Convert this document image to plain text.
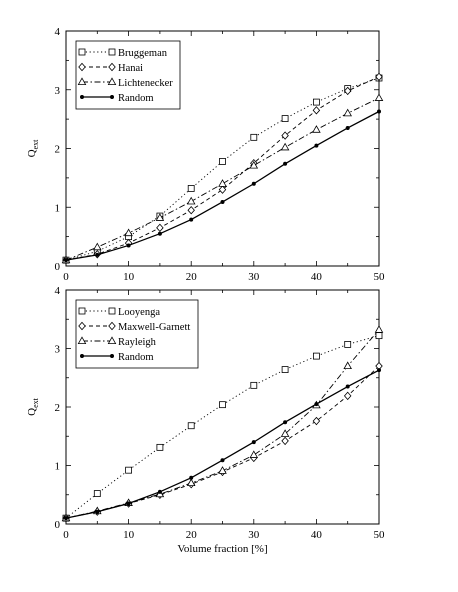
0	10	20	30	40	50
0
1
2
3
4
$Q_{ext}$
Bruggeman
Hanai
Lichtenecker
Random
0	10	20	30	40	50
0
1
2
3
4
$Q_{ext}$
Volume fraction [%]
Looyenga
Maxwell-Garnett
Rayleigh
Random
